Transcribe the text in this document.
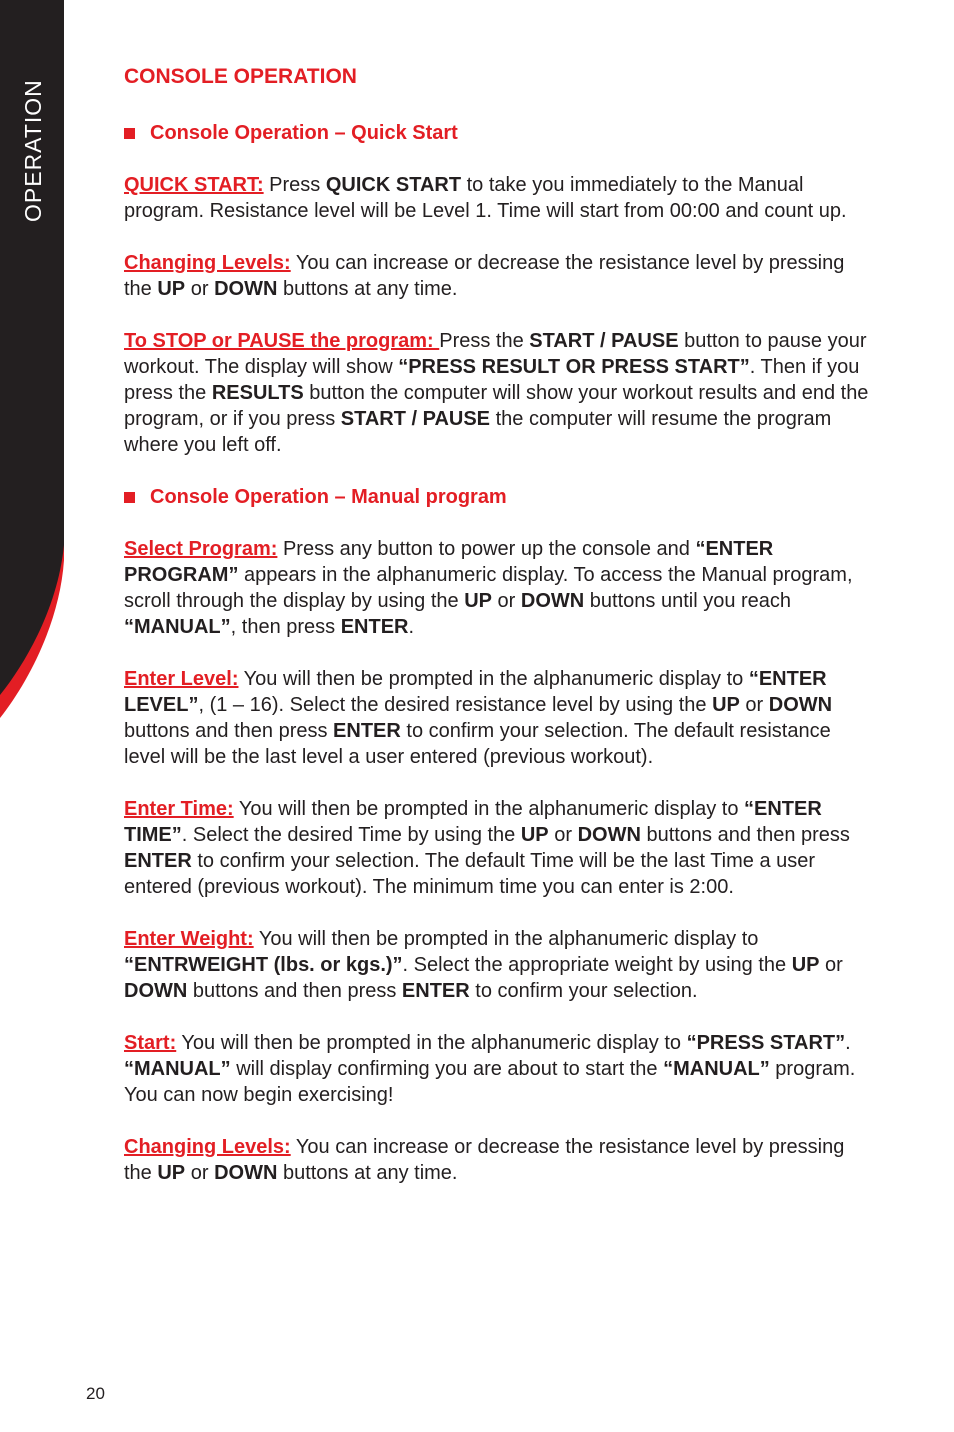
CONSOLE OPERATION
Console Operation – Quick Start

QUICK START: Press QUICK START to take you immediately to the Manual program. Resistance level will be Level 1. Time will start from 00:00 and count up.

Changing Levels: You can increase or decrease the resistance level by pressing the UP or DOWN buttons at any time.

To STOP or PAUSE the program: Press the START / PAUSE button to pause your workout. The display will show “PRESS RESULT OR PRESS START”. Then if you press the RESULTS button the computer will show your workout results and end the program, or if you press START / PAUSE the computer will resume the program where you left off.

Console Operation – Manual program

Select Program: Press any button to power up the console and “ENTER PROGRAM” appears in the alphanumeric display. To access the Manual program, scroll through the display by using the UP or DOWN buttons until you reach “MANUAL”, then press ENTER.

Enter Level: You will then be prompted in the alphanumeric display to “ENTER LEVEL”, (1 – 16). Select the desired resistance level by using the UP or DOWN buttons and then press ENTER to confirm your selection. The default resistance level will be the last level a user entered (previous workout).

Enter Time: You will then be prompted in the alphanumeric display to “ENTER TIME”. Select the desired Time by using the UP or DOWN buttons and then press ENTER to confirm your selection. The default Time will be the last Time a user entered (previous workout). The minimum time you can enter is 2:00.

Enter Weight: You will then be prompted in the alphanumeric display to “ENTRWEIGHT (lbs. or kgs.)”. Select the appropriate weight by using the UP or DOWN buttons and then press ENTER to confirm your selection.

Start: You will then be prompted in the alphanumeric display to “PRESS START”. “MANUAL” will display confirming you are about to start the “MANUAL” program. You can now begin exercising!

Changing Levels: You can increase or decrease the resistance level by pressing the UP or DOWN buttons at any time.

20
